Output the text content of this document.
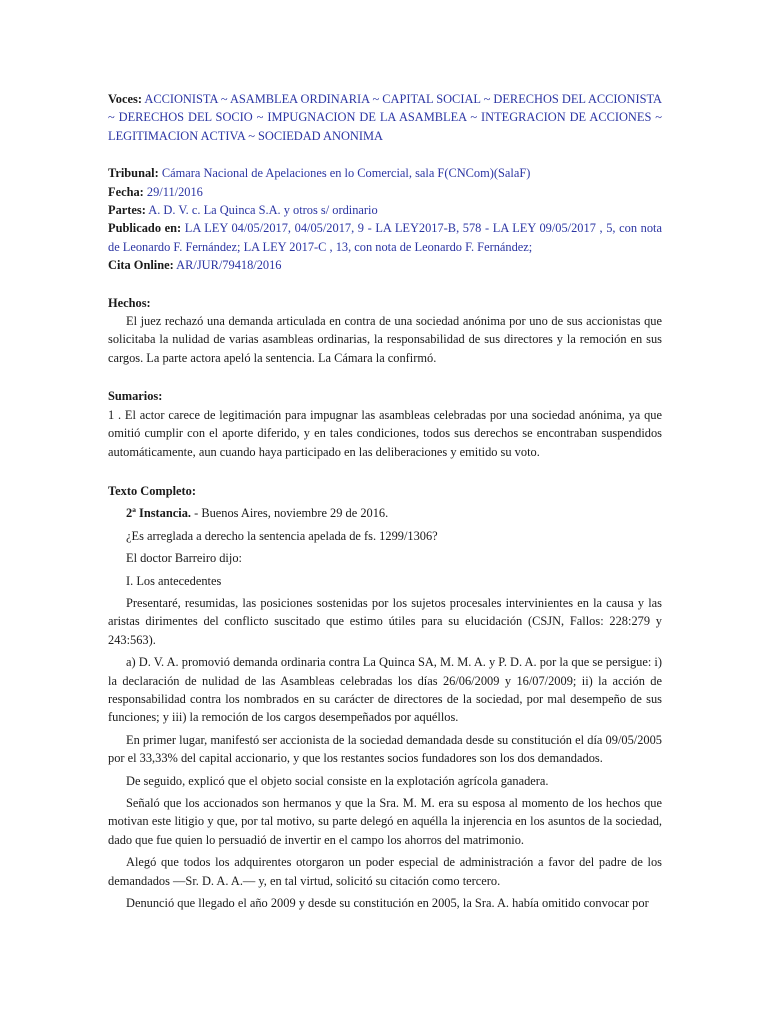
Voces: ACCIONISTA ~ ASAMBLEA ORDINARIA ~ CAPITAL SOCIAL ~ DERECHOS DEL ACCIONISTA ~ DERECHOS DEL SOCIO ~ IMPUGNACION DE LA ASAMBLEA ~ INTEGRACION DE ACCIONES ~ LEGITIMACION ACTIVA ~ SOCIEDAD ANONIMA
Tribunal: Cámara Nacional de Apelaciones en lo Comercial, sala F(CNCom)(SalaF)
Fecha: 29/11/2016
Partes: A. D. V. c. La Quinca S.A. y otros s/ ordinario
Publicado en: LA LEY 04/05/2017, 04/05/2017, 9 - LA LEY2017-B, 578 - LA LEY 09/05/2017 , 5, con nota de Leonardo F. Fernández; LA LEY 2017-C , 13, con nota de Leonardo F. Fernández;
Cita Online: AR/JUR/79418/2016
Hechos:

El juez rechazó una demanda articulada en contra de una sociedad anónima por uno de sus accionistas que solicitaba la nulidad de varias asambleas ordinarias, la responsabilidad de sus directores y la remoción en sus cargos. La parte actora apeló la sentencia. La Cámara la confirmó.

Sumarios:

1 . El actor carece de legitimación para impugnar las asambleas celebradas por una sociedad anónima, ya que omitió cumplir con el aporte diferido, y en tales condiciones, todos sus derechos se encontraban suspendidos automáticamente, aun cuando haya participado en las deliberaciones y emitido su voto.

Texto Completo:

2ª Instancia. - Buenos Aires, noviembre 29 de 2016.

¿Es arreglada a derecho la sentencia apelada de fs. 1299/1306?

El doctor Barreiro dijo:

I. Los antecedentes

Presentaré, resumidas, las posiciones sostenidas por los sujetos procesales intervinientes en la causa y las aristas dirimentes del conflicto suscitado que estimo útiles para su elucidación (CSJN, Fallos: 228:279 y 243:563).

a) D. V. A. promovió demanda ordinaria contra La Quinca SA, M. M. A. y P. D. A. por la que se persigue: i) la declaración de nulidad de las Asambleas celebradas los días 26/06/2009 y 16/07/2009; ii) la acción de responsabilidad contra los nombrados en su carácter de directores de la sociedad, por mal desempeño de sus funciones; y iii) la remoción de los cargos desempeñados por aquéllos.

En primer lugar, manifestó ser accionista de la sociedad demandada desde su constitución el día 09/05/2005 por el 33,33% del capital accionario, y que los restantes socios fundadores son los dos demandados.

De seguido, explicó que el objeto social consiste en la explotación agrícola ganadera.

Señaló que los accionados son hermanos y que la Sra. M. M. era su esposa al momento de los hechos que motivan este litigio y que, por tal motivo, su parte delegó en aquélla la injerencia en los asuntos de la sociedad, dado que fue quien lo persuadió de invertir en el campo los ahorros del matrimonio.

Alegó que todos los adquirentes otorgaron un poder especial de administración a favor del padre de los demandados —Sr. D. A. A.— y, en tal virtud, solicitó su citación como tercero.

Denunció que llegado el año 2009 y desde su constitución en 2005, la Sra. A. había omitido convocar por
